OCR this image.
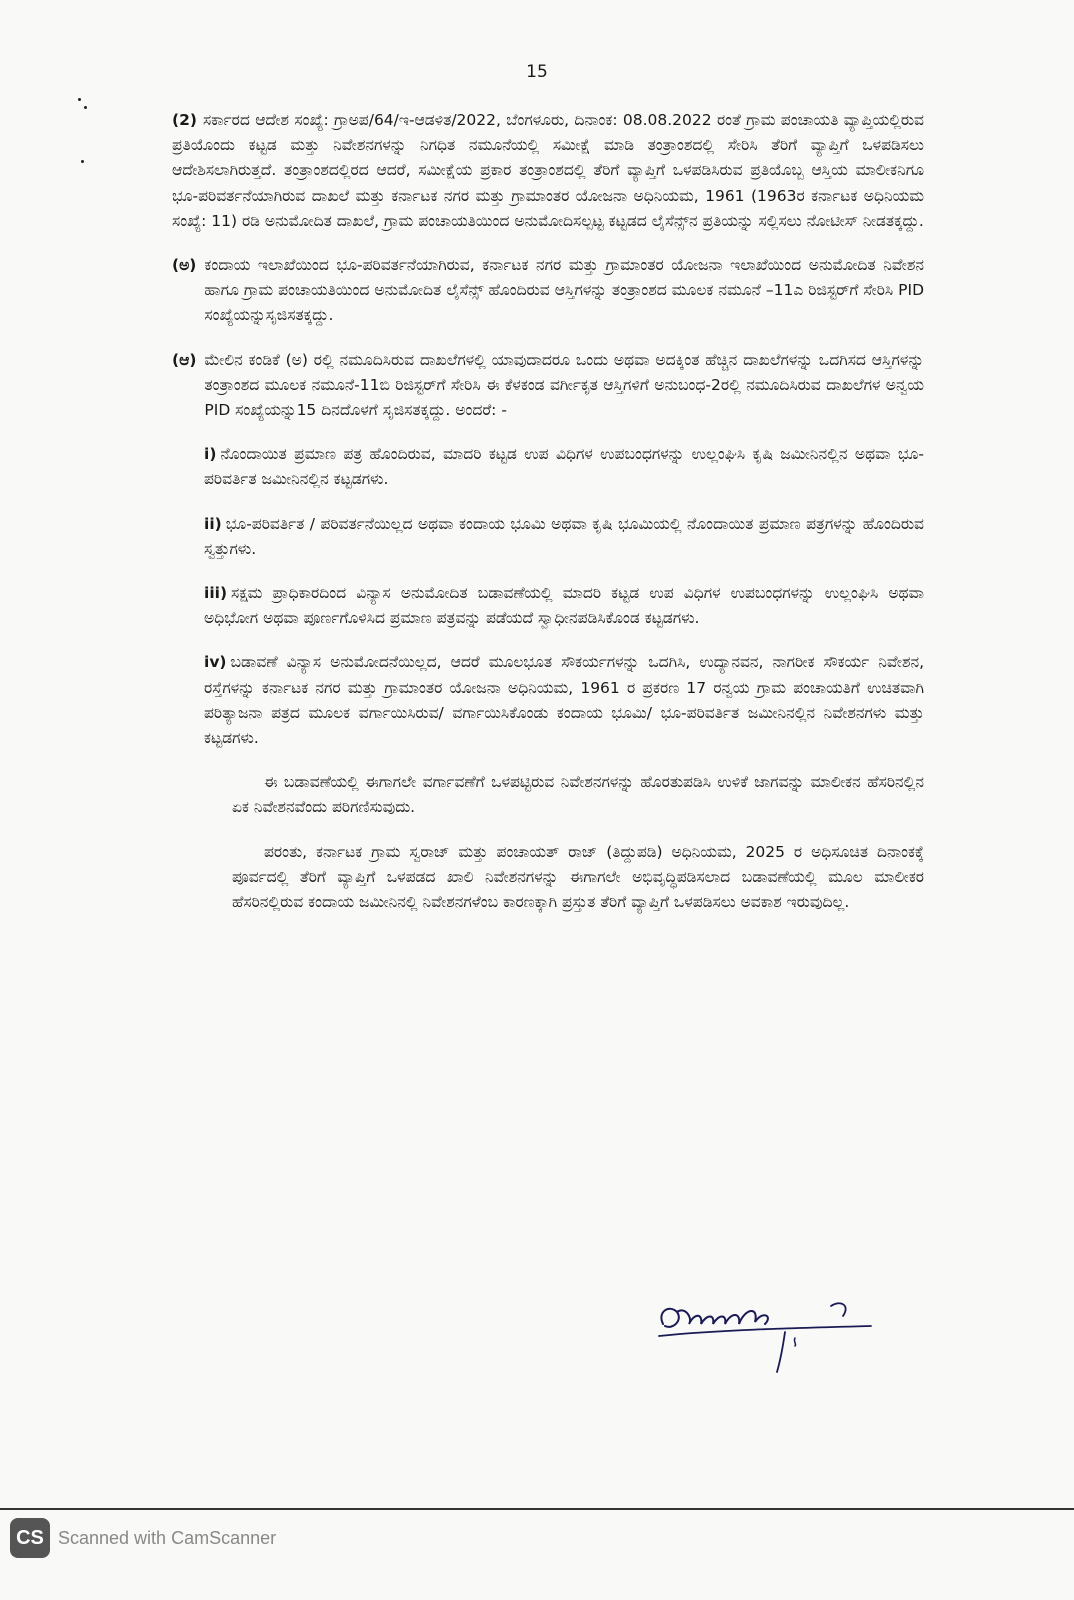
15

(2) ಸರ್ಕಾರದ ಆದೇಶ ಸಂಖ್ಯೆ: ಗ್ರಾಅಪ/64/ಇ-ಆಡಳಿತ/2022, ಬೆಂಗಳೂರು, ದಿನಾಂಕ: 08.08.2022 ರಂತೆ ಗ್ರಾಮ ಪಂಚಾಯತಿ ವ್ಯಾಪ್ತಿಯಲ್ಲಿರುವ ಪ್ರತಿಯೊಂದು ಕಟ್ಟಡ ಮತ್ತು ನಿವೇಶನಗಳನ್ನು ನಿಗಧಿತ ನಮೂನೆಯಲ್ಲಿ ಸಮೀಕ್ಷೆ ಮಾಡಿ ತಂತ್ರಾಂಶದಲ್ಲಿ ಸೇರಿಸಿ ತೆರಿಗೆ ವ್ಯಾಪ್ತಿಗೆ ಒಳಪಡಿಸಲು ಆದೇಶಿಸಲಾಗಿರುತ್ತದೆ. ತಂತ್ರಾಂಶದಲ್ಲಿರದ ಆದರೆ, ಸಮೀಕ್ಷೆಯ ಪ್ರಕಾರ ತಂತ್ರಾಂಶದಲ್ಲಿ ತೆರಿಗೆ ವ್ಯಾಪ್ತಿಗೆ ಒಳಪಡಿಸಿರುವ ಪ್ರತಿಯೊಬ್ಬ ಆಸ್ತಿಯ ಮಾಲೀಕನಿಗೂ ಭೂ-ಪರಿವರ್ತನೆಯಾಗಿರುವ ದಾಖಲೆ ಮತ್ತು ಕರ್ನಾಟಕ ನಗರ ಮತ್ತು ಗ್ರಾಮಾಂತರ ಯೋಜನಾ ಅಧಿನಿಯಮ, 1961 (1963ರ ಕರ್ನಾಟಕ ಅಧಿನಿಯಮ ಸಂಖ್ಯೆ: 11) ರಡಿ ಅನುಮೋದಿತ ದಾಖಲೆ, ಗ್ರಾಮ ಪಂಚಾಯತಿಯಿಂದ ಅನುಮೋದಿಸಲ್ಪಟ್ಟ ಕಟ್ಟಡದ ಲೈಸೆನ್ಸ್‌ನ ಪ್ರತಿಯನ್ನು ಸಲ್ಲಿಸಲು ನೋಟೀಸ್ ನೀಡತಕ್ಕದ್ದು.

(ಅ) ಕಂದಾಯ ಇಲಾಖೆಯಿಂದ ಭೂ-ಪರಿವರ್ತನೆಯಾಗಿರುವ, ಕರ್ನಾಟಕ ನಗರ ಮತ್ತು ಗ್ರಾಮಾಂತರ ಯೋಜನಾ ಇಲಾಖೆಯಿಂದ ಅನುಮೋದಿತ ನಿವೇಶನ ಹಾಗೂ ಗ್ರಾಮ ಪಂಚಾಯತಿಯಿಂದ ಅನುಮೋದಿತ ಲೈಸೆನ್ಸ್ ಹೊಂದಿರುವ ಆಸ್ತಿಗಳನ್ನು ತಂತ್ರಾಂಶದ ಮೂಲಕ ನಮೂನೆ –11ಎ ರಿಜಿಸ್ಟರ್‌ಗೆ ಸೇರಿಸಿ PID ಸಂಖ್ಯೆಯನ್ನುಸೃಜಿಸತಕ್ಕದ್ದು.
(ಆ) ಮೇಲಿನ ಕಂಡಿಕೆ (ಅ) ರಲ್ಲಿ ನಮೂದಿಸಿರುವ ದಾಖಲೆಗಳಲ್ಲಿ ಯಾವುದಾದರೂ ಒಂದು ಅಥವಾ ಅದಕ್ಕಿಂತ ಹೆಚ್ಚಿನ ದಾಖಲೆಗಳನ್ನು ಒದಗಿಸದ ಆಸ್ತಿಗಳನ್ನು ತಂತ್ರಾಂಶದ ಮೂಲಕ ನಮೂನೆ-11ಬಿ ರಿಜಿಸ್ಟರ್‌ಗೆ ಸೇರಿಸಿ ಈ ಕೆಳಕಂಡ ವರ್ಗೀಕೃತ ಆಸ್ತಿಗಳಿಗೆ ಅನುಬಂಧ-2ರಲ್ಲಿ ನಮೂದಿಸಿರುವ ದಾಖಲೆಗಳ ಅನ್ವಯ PID ಸಂಖ್ಯೆಯನ್ನು15 ದಿನದೊಳಗೆ ಸೃಜಿಸತಕ್ಕದ್ದು. ಅಂದರೆ: -

i) ನೊಂದಾಯಿತ ಪ್ರಮಾಣ ಪತ್ರ ಹೊಂದಿರುವ, ಮಾದರಿ ಕಟ್ಟಡ ಉಪ ವಿಧಿಗಳ ಉಪಬಂಧಗಳನ್ನು ಉಲ್ಲಂಘಿಸಿ ಕೃಷಿ ಜಮೀನಿನಲ್ಲಿನ ಅಥವಾ ಭೂ-ಪರಿವರ್ತಿತ ಜಮೀನಿನಲ್ಲಿನ ಕಟ್ಟಡಗಳು.

ii) ಭೂ-ಪರಿವರ್ತಿತ / ಪರಿವರ್ತನೆಯಿಲ್ಲದ ಅಥವಾ ಕಂದಾಯ ಭೂಮಿ ಅಥವಾ ಕೃಷಿ ಭೂಮಿಯಲ್ಲಿ ನೊಂದಾಯಿತ ಪ್ರಮಾಣ ಪತ್ರಗಳನ್ನು ಹೊಂದಿರುವ ಸ್ವತ್ತುಗಳು.

iii) ಸಕ್ಷಮ ಪ್ರಾಧಿಕಾರದಿಂದ ವಿನ್ಯಾಸ ಅನುಮೋದಿತ ಬಡಾವಣೆಯಲ್ಲಿ ಮಾದರಿ ಕಟ್ಟಡ ಉಪ ವಿಧಿಗಳ ಉಪಬಂಧಗಳನ್ನು ಉಲ್ಲಂಘಿಸಿ ಅಥವಾ ಅಧಿಭೋಗ ಅಥವಾ ಪೂರ್ಣಗೊಳಿಸಿದ ಪ್ರಮಾಣ ಪತ್ರವನ್ನು ಪಡೆಯದೆ ಸ್ವಾಧೀನಪಡಿಸಿಕೊಂಡ ಕಟ್ಟಡಗಳು.

iv) ಬಡಾವಣೆ ವಿನ್ಯಾಸ ಅನುಮೋದನೆಯಿಲ್ಲದ, ಆದರೆ ಮೂಲಭೂತ ಸೌಕರ್ಯಗಳನ್ನು ಒದಗಿಸಿ, ಉದ್ಯಾನವನ, ನಾಗರೀಕ ಸೌಕರ್ಯ ನಿವೇಶನ, ರಸ್ತೆಗಳನ್ನು ಕರ್ನಾಟಕ ನಗರ ಮತ್ತು ಗ್ರಾಮಾಂತರ ಯೋಜನಾ ಅಧಿನಿಯಮ, 1961 ರ ಪ್ರಕರಣ 17 ರನ್ವಯ ಗ್ರಾಮ ಪಂಚಾಯತಿಗೆ ಉಚಿತವಾಗಿ ಪರಿತ್ಯಾಜನಾ ಪತ್ರದ ಮೂಲಕ ವರ್ಗಾಯಿಸಿರುವ/ ವರ್ಗಾಯಿಸಿಕೊಂಡು ಕಂದಾಯ ಭೂಮಿ/ ಭೂ-ಪರಿವರ್ತಿತ ಜಮೀನಿನಲ್ಲಿನ ನಿವೇಶನಗಳು ಮತ್ತು ಕಟ್ಟಡಗಳು.

ಈ ಬಡಾವಣೆಯಲ್ಲಿ ಈಗಾಗಲೇ ವರ್ಗಾವಣೆಗೆ ಒಳಪಟ್ಟಿರುವ ನಿವೇಶನಗಳನ್ನು ಹೊರತುಪಡಿಸಿ ಉಳಿಕೆ ಜಾಗವನ್ನು ಮಾಲೀಕನ ಹೆಸರಿನಲ್ಲಿನ ಏಕ ನಿವೇಶನವೆಂದು ಪರಿಗಣಿಸುವುದು.

ಪರಂತು, ಕರ್ನಾಟಕ ಗ್ರಾಮ ಸ್ವರಾಜ್ ಮತ್ತು ಪಂಚಾಯತ್ ರಾಜ್ (ತಿದ್ದುಪಡಿ) ಅಧಿನಿಯಮ, 2025 ರ ಅಧಿಸೂಚಿತ ದಿನಾಂಕಕ್ಕೆ ಪೂರ್ವದಲ್ಲಿ ತೆರಿಗೆ ವ್ಯಾಪ್ತಿಗೆ ಒಳಪಡದ ಖಾಲಿ ನಿವೇಶನಗಳನ್ನು ಈಗಾಗಲೇ ಅಭಿವೃದ್ಧಿಪಡಿಸಲಾದ ಬಡಾವಣೆಯಲ್ಲಿ ಮೂಲ ಮಾಲೀಕರ ಹೆಸರಿನಲ್ಲಿರುವ ಕಂದಾಯ ಜಮೀನಿನಲ್ಲಿ ನಿವೇಶನಗಳೆಂಬ ಕಾರಣಕ್ಕಾಗಿ ಪ್ರಸ್ತುತ ತೆರಿಗೆ ವ್ಯಾಪ್ತಿಗೆ ಒಳಪಡಿಸಲು ಅವಕಾಶ ಇರುವುದಿಲ್ಲ.

CS Scanned with CamScanner
